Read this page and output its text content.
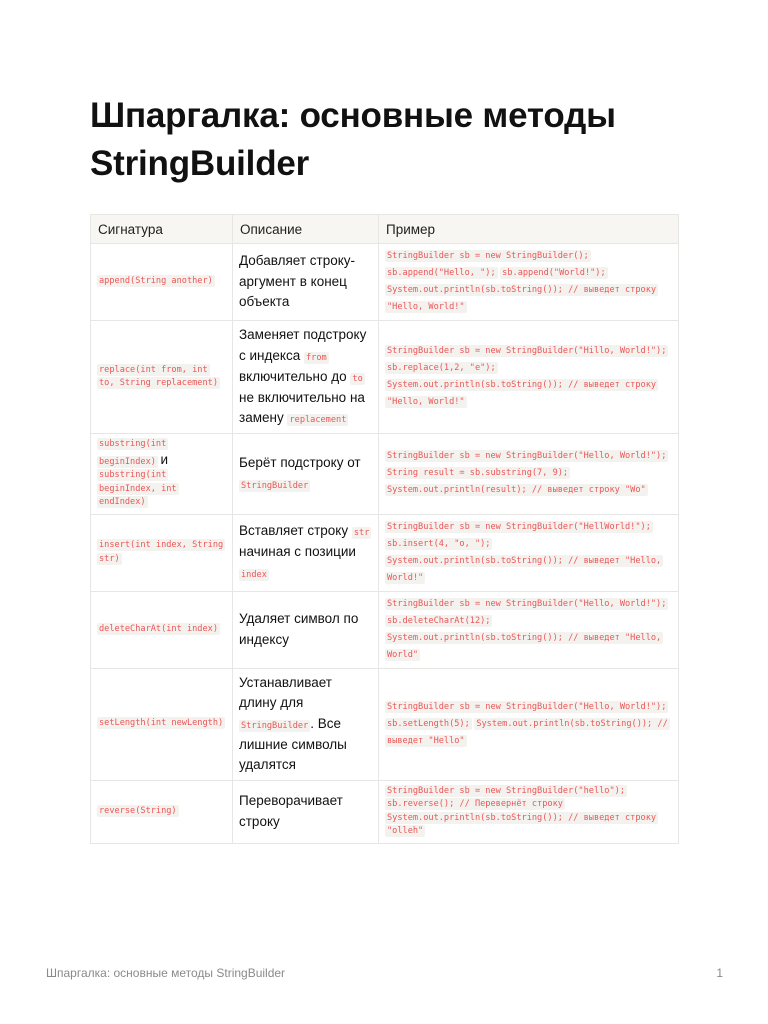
Шпаргалка: основные методы StringBuilder
Сигнатура	Описание	Пример
append(String another)	Добавляет строку-аргумент в конец объекта	StringBuilder sb = new StringBuilder(); sb.append("Hello, "); sb.append("World!"); System.out.println(sb.toString()); // выведет строку "Hello, World!"
replace(int from, int to, String replacement)	Заменяет подстроку с индекса from включительно до to не включительно на замену replacement	StringBuilder sb = new StringBuilder("Hillo, World!"); sb.replace(1,2, "e"); System.out.println(sb.toString()); // выведет строку "Hello, World!"
substring(int beginIndex) и substring(int beginIndex, int endIndex)	Берёт подстроку от StringBuilder	StringBuilder sb = new StringBuilder("Hello, World!"); String result = sb.substring(7, 9); System.out.println(result); // выведет строку "Wo"
insert(int index, String str)	Вставляет строку str начиная с позиции index	StringBuilder sb = new StringBuilder("HellWorld!"); sb.insert(4, "o, "); System.out.println(sb.toString()); // выведет "Hello, World!"
deleteCharAt(int index)	Удаляет символ по индексу	StringBuilder sb = new StringBuilder("Hello, World!"); sb.deleteCharAt(12); System.out.println(sb.toString()); // выведет "Hello, World"
setLength(int newLength)	Устанавливает длину для StringBuilder . Все лишние символы удалятся	StringBuilder sb = new StringBuilder("Hello, World!"); sb.setLength(5); System.out.println(sb.toString()); // выведет "Hello"
reverse(String)	Переворачивает строку	StringBuilder sb = new StringBuilder("hello"); sb.reverse(); // Перевернёт строку System.out.println(sb.toString()); // выведет строку "olleh"
Шпаргалка: основные методы StringBuilder	1
